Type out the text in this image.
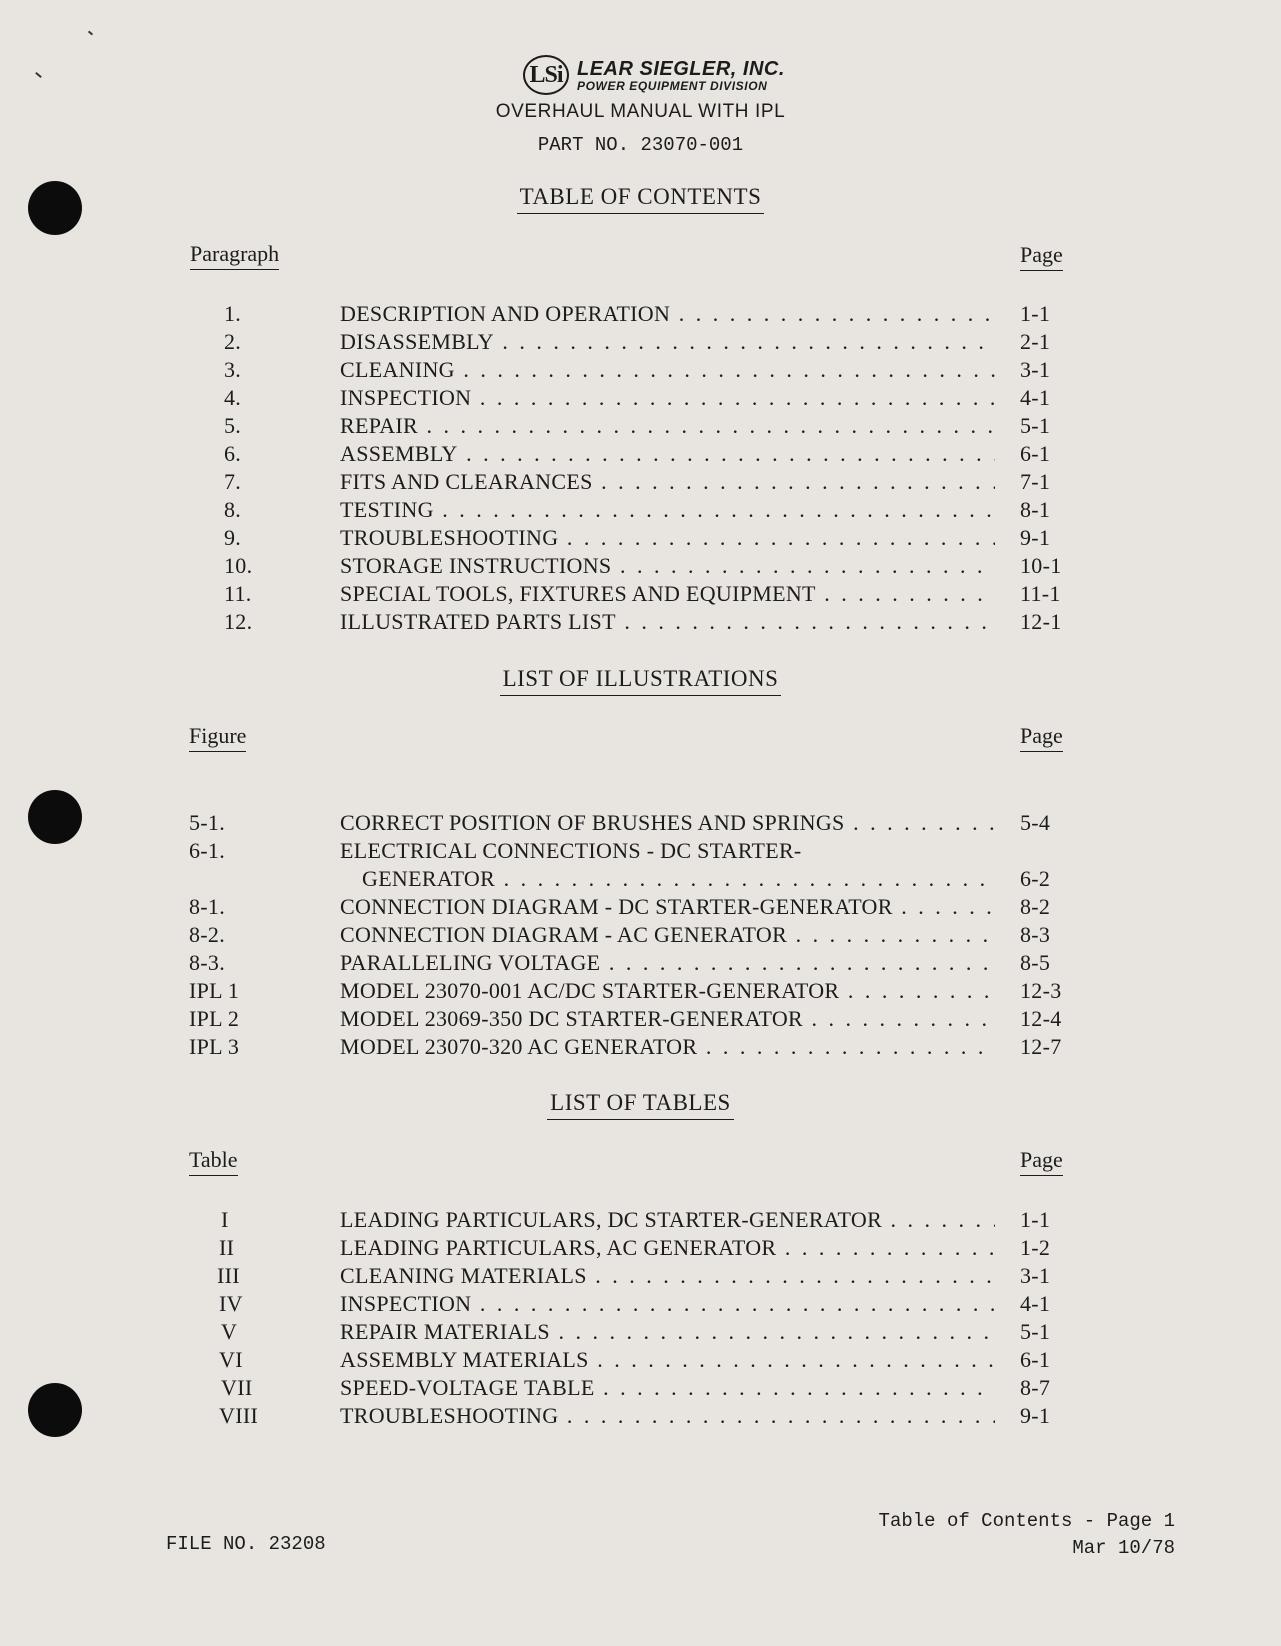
LSi LEAR SIEGLER, INC.
POWER EQUIPMENT DIVISION
OVERHAUL MANUAL WITH IPL
PART NO. 23070-001
TABLE OF CONTENTS
Paragraph	Page
1.	DESCRIPTION AND OPERATION . . .	1-1
2.	DISASSEMBLY . . .	2-1
3.	CLEANING . . .	3-1
4.	INSPECTION . . .	4-1
5.	REPAIR . . .	5-1
6.	ASSEMBLY . . .	6-1
7.	FITS AND CLEARANCES . . .	7-1
8.	TESTING . . .	8-1
9.	TROUBLESHOOTING . . .	9-1
10.	STORAGE INSTRUCTIONS . . .	10-1
11.	SPECIAL TOOLS, FIXTURES AND EQUIPMENT . . .	11-1
12.	ILLUSTRATED PARTS LIST . . .	12-1
LIST OF ILLUSTRATIONS
Figure	Page
5-1.	CORRECT POSITION OF BRUSHES AND SPRINGS . . .	5-4
6-1.	ELECTRICAL CONNECTIONS - DC STARTER-
GENERATOR . . .	6-2
8-1.	CONNECTION DIAGRAM - DC STARTER-GENERATOR . . .	8-2
8-2.	CONNECTION DIAGRAM - AC GENERATOR . . .	8-3
8-3.	PARALLELING VOLTAGE . . .	8-5
IPL 1	MODEL 23070-001 AC/DC STARTER-GENERATOR . . .	12-3
IPL 2	MODEL 23069-350 DC STARTER-GENERATOR . . .	12-4
IPL 3	MODEL 23070-320 AC GENERATOR . . .	12-7
LIST OF TABLES
Table	Page
I	LEADING PARTICULARS, DC STARTER-GENERATOR . . .	1-1
II	LEADING PARTICULARS, AC GENERATOR . . .	1-2
III	CLEANING MATERIALS . . .	3-1
IV	INSPECTION . . .	4-1
V	REPAIR MATERIALS . . .	5-1
VI	ASSEMBLY MATERIALS . . .	6-1
VII	SPEED-VOLTAGE TABLE . . .	8-7
VIII	TROUBLESHOOTING . . .	9-1
FILE NO. 23208
Table of Contents - Page 1
Mar 10/78
